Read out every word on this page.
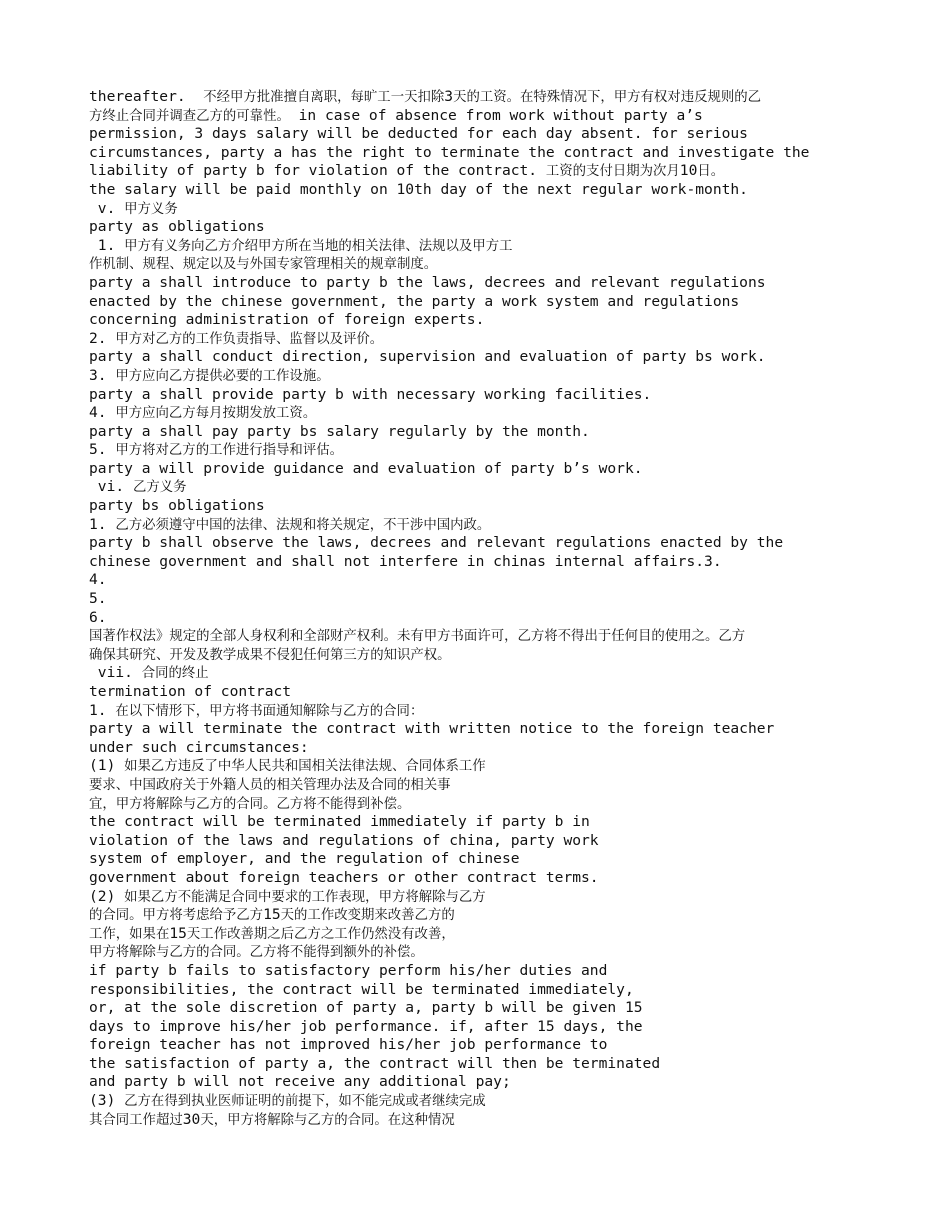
thereafter.  不经甲方批准擅自离职，每旷工一天扣除3天的工资。在特殊情况下，甲方有权对违反规则的乙
方终止合同并调查乙方的可靠性。 in case of absence from work without party a’s
permission, 3 days salary will be deducted for each day absent. for serious
circumstances, party a has the right to terminate the contract and investigate the
liability of party b for violation of the contract. 工资的支付日期为次月10日。
the salary will be paid monthly on 10th day of the next regular work-month.
v. 甲方义务
party as obligations
1. 甲方有义务向乙方介绍甲方所在当地的相关法律、法规以及甲方工
作机制、规程、规定以及与外国专家管理相关的规章制度。
party a shall introduce to party b the laws, decrees and relevant regulations
enacted by the chinese government, the party a work system and regulations
concerning administration of foreign experts.
2. 甲方对乙方的工作负责指导、监督以及评价。
party a shall conduct direction, supervision and evaluation of party bs work.
3. 甲方应向乙方提供必要的工作设施。
party a shall provide party b with necessary working facilities.
4. 甲方应向乙方每月按期发放工资。
party a shall pay party bs salary regularly by the month.
5. 甲方将对乙方的工作进行指导和评估。
party a will provide guidance and evaluation of party b’s work.
vi. 乙方义务
party bs obligations
1. 乙方必须遵守中国的法律、法规和将关规定，不干涉中国内政。
party b shall observe the laws, decrees and relevant regulations enacted by the
chinese government and shall not interfere in chinas internal affairs.3.
4.
5.
6.
国著作权法》规定的全部人身权利和全部财产权利。未有甲方书面许可，乙方将不得出于任何目的使用之。乙方
确保其研究、开发及教学成果不侵犯任何第三方的知识产权。
vii. 合同的终止
termination of contract
1. 在以下情形下，甲方将书面通知解除与乙方的合同：
party a will terminate the contract with written notice to the foreign teacher
under such circumstances:
(1) 如果乙方违反了中华人民共和国相关法律法规、合同体系工作
要求、中国政府关于外籍人员的相关管理办法及合同的相关事
宜，甲方将解除与乙方的合同。乙方将不能得到补偿。
the contract will be terminated immediately if party b in
violation of the laws and regulations of china, party work
system of employer, and the regulation of chinese
government about foreign teachers or other contract terms.
(2) 如果乙方不能满足合同中要求的工作表现，甲方将解除与乙方
的合同。甲方将考虑给予乙方15天的工作改变期来改善乙方的
工作，如果在15天工作改善期之后乙方之工作仍然没有改善，
甲方将解除与乙方的合同。乙方将不能得到额外的补偿。
if party b fails to satisfactory perform his/her duties and
responsibilities, the contract will be terminated immediately,
or, at the sole discretion of party a, party b will be given 15
days to improve his/her job performance. if, after 15 days, the
foreign teacher has not improved his/her job performance to
the satisfaction of party a, the contract will then be terminated
and party b will not receive any additional pay;
(3) 乙方在得到执业医师证明的前提下，如不能完成或者继续完成
其合同工作超过30天，甲方将解除与乙方的合同。在这种情况
